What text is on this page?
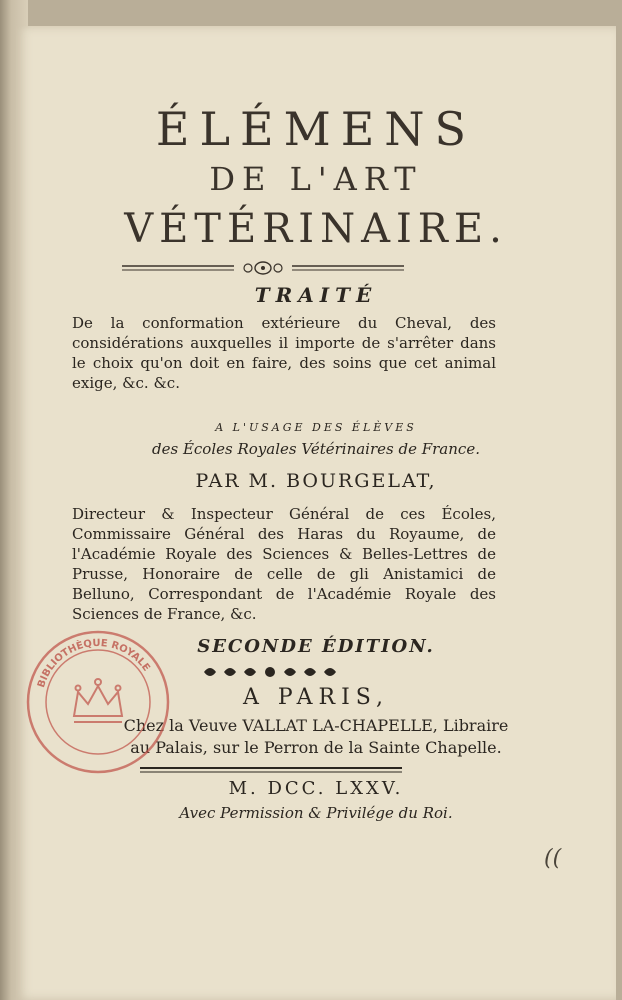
ÉLÉMENS
DE L'ART
VÉTÉRINAIRE.
TRAITÉ
De la conformation extérieure du Cheval, des considérations auxquelles il importe de s'arrêter dans le choix qu'on doit en faire, des soins que cet animal exige, &c. &c.
A L'USAGE DES ÉLÈVES
des Écoles Royales Vétérinaires de France.
PAR M. BOURGELAT,
Directeur & Inspecteur Général de ces Écoles, Commissaire Général des Haras du Royaume, de l'Académie Royale des Sciences & Belles-Lettres de Prusse, Honoraire de celle de gli Anistamici de Belluno, Correspondant de l'Académie Royale des Sciences de France, &c.
SECONDE ÉDITION.
A PARIS,
Chez la Veuve VALLAT LA-CHAPELLE, Libraire
au Palais, sur le Perron de la Sainte Chapelle.
M. DCC. LXXV.
Avec Permission & Privilége du Roi.
BIBLIOTHÈQUE ROYALE
((
